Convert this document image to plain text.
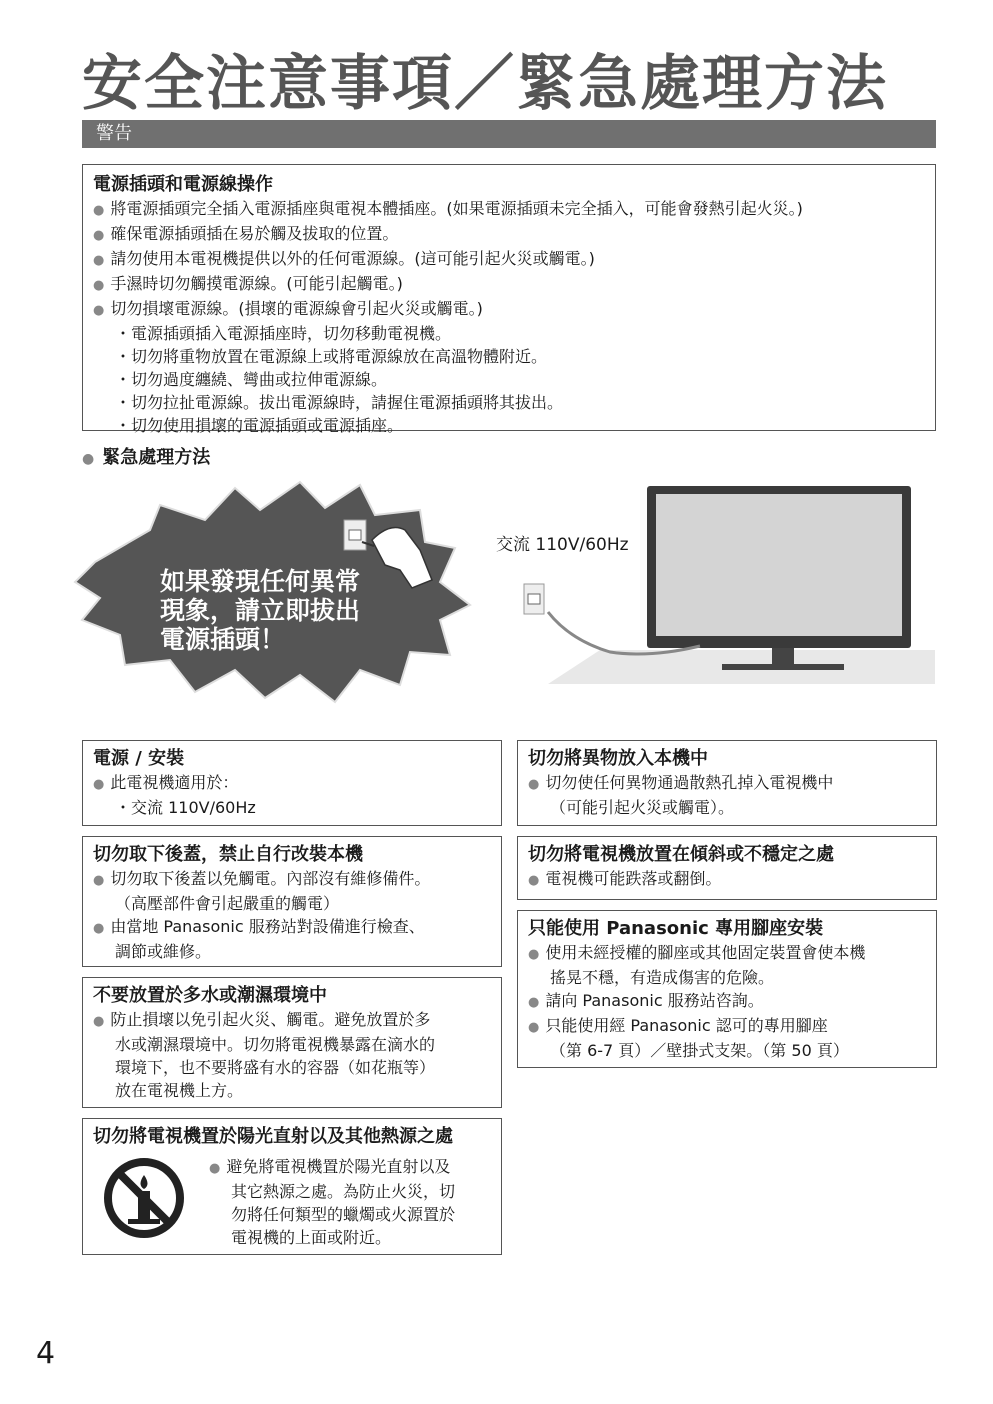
安全注意事項／緊急處理方法
警告
電源插頭和電源線操作
● 將電源插頭完全插入電源插座與電視本體插座。(如果電源插頭未完全插入，可能會發熱引起火災。)
● 確保電源插頭插在易於觸及拔取的位置。
● 請勿使用本電視機提供以外的任何電源線。(這可能引起火災或觸電。)
● 手濕時切勿觸摸電源線。(可能引起觸電。)
● 切勿損壞電源線。(損壞的電源線會引起火災或觸電。)
・ 電源插頭插入電源插座時，切勿移動電視機。
・ 切勿將重物放置在電源線上或將電源線放在高溫物體附近。
・ 切勿過度纏繞、彎曲或拉伸電源線。
・ 切勿拉扯電源線。拔出電源線時，請握住電源插頭將其拔出。
・ 切勿使用損壞的電源插頭或電源插座。
● 緊急處理方法
如果發現任何異常
現象，請立即拔出
電源插頭！
交流 110V/60Hz
電源 / 安裝
● 此電視機適用於：
・ 交流 110V/60Hz
切勿取下後蓋，禁止自行改裝本機
● 切勿取下後蓋以免觸電。內部沒有維修備件。
（高壓部件會引起嚴重的觸電）
● 由當地 Panasonic 服務站對設備進行檢查、
調節或維修。
不要放置於多水或潮濕環境中
● 防止損壞以免引起火災、觸電。避免放置於多
水或潮濕環境中。切勿將電視機暴露在滴水的
環境下，也不要將盛有水的容器（如花瓶等）
放在電視機上方。
切勿將電視機置於陽光直射以及其他熱源之處
● 避免將電視機置於陽光直射以及
其它熱源之處。為防止火災，切
勿將任何類型的蠟燭或火源置於
電視機的上面或附近。
切勿將異物放入本機中
● 切勿使任何異物通過散熱孔掉入電視機中
（可能引起火災或觸電）。
切勿將電視機放置在傾斜或不穩定之處
● 電視機可能跌落或翻倒。
只能使用 Panasonic 專用腳座安裝
● 使用未經授權的腳座或其他固定裝置會使本機
搖晃不穩，有造成傷害的危險。
● 請向 Panasonic 服務站咨詢。
● 只能使用經 Panasonic 認可的專用腳座
（第 6-7 頁）／壁掛式支架。（第 50 頁）
4
